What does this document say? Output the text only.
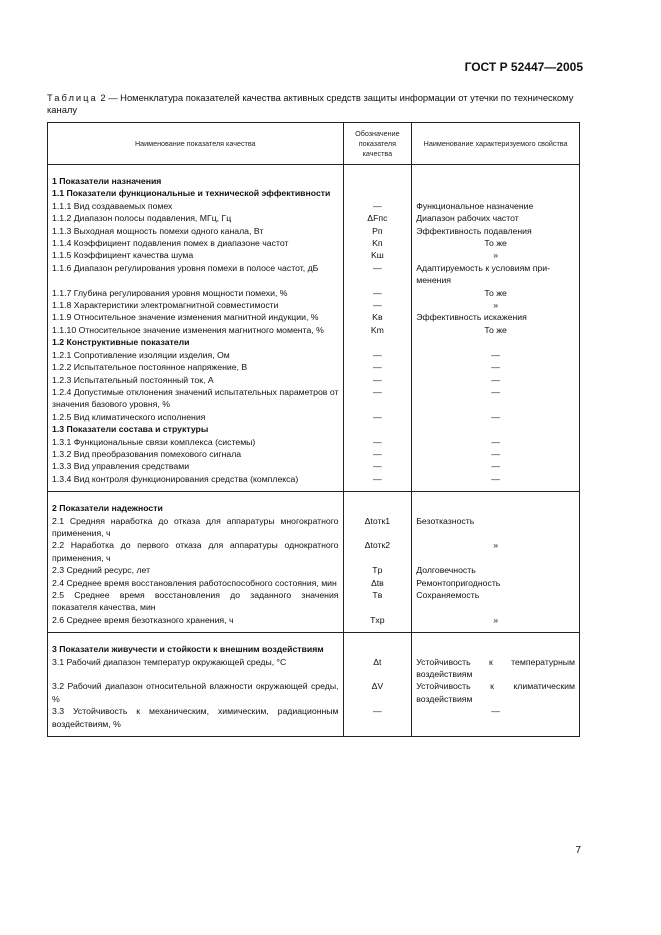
ГОСТ Р 52447—2005
Таблица 2 — Номенклатура показателей качества активных средств защиты информации от утечки по техническому каналу
Наименование показателя качества	Обозначение показателя качества	Наименование характеризуемого свойства
1 Показатели назначения		

1.1 Показатели функциональные и технической эффективности		

1.1.1 Вид создаваемых помех	—	Функциональное назначение

1.1.2 Диапазон полосы подавления, МГц, Гц	ΔFпс	Диапазон рабочих частот

1.1.3 Выходная мощность помехи одного канала, Вт	Pп	Эффективность подавления

1.1.4 Коэффициент подавления помех в диапазоне частот	Kп	То же

1.1.5 Коэффициент качества шума	Kш	»

1.1.6 Диапазон регулирования уровня помехи в полосе частот, дБ	—	Адаптируемость к условиям применения

1.1.7 Глубина регулирования уровня мощности помехи, %	—	То же

1.1.8 Характеристики электромагнитной совместимости	—	»

1.1.9 Относительное значение изменения магнитной индукции, %	Kв	Эффективность искажения

1.1.10 Относительное значение изменения магнитного момента, %	Km	То же

1.2 Конструктивные показатели		

1.2.1 Сопротивление изоляции изделия, Ом	—	—

1.2.2 Испытательное постоянное напряжение, В	—	—

1.2.3 Испытательный постоянный ток, А	—	—

1.2.4 Допустимые отклонения значений испытательных параметров от значения базового уровня, %	—	—

1.2.5 Вид климатического исполнения	—	—

1.3 Показатели состава и структуры		

1.3.1 Функциональные связи комплекса (системы)	—	—

1.3.2 Вид преобразования помехового сигнала	—	—

1.3.3 Вид управления средствами	—	—

1.3.4 Вид контроля функционирования средства (комплекса)	—	—

2 Показатели надежности		

2.1 Средняя наработка до отказа для аппаратуры многократного применения, ч	Δtотк1	Безотказность

2.2 Наработка до первого отказа для аппаратуры однократного применения, ч	Δtотк2	»

2.3 Средний ресурс, лет	Tр	Долговечность

2.4 Среднее время восстановления работоспособного состояния, мин	Δtв	Ремонтопригодность

2.5 Среднее время восстановления до заданного значения показателя качества, мин	Tв	Сохраняемость

2.6 Среднее время безотказного хранения, ч	Tхр	»

3 Показатели живучести и стойкости к внешним воздействиям		

3.1 Рабочий диапазон температур окружающей среды, °С	Δt	Устойчивость к температурным воздействиям

3.2 Рабочий диапазон относительной влажности окружающей среды, %	ΔV	Устойчивость к климатическим воздействиям

3.3 Устойчивость к механическим, химическим, радиационным воздействиям, %	—	—
7
